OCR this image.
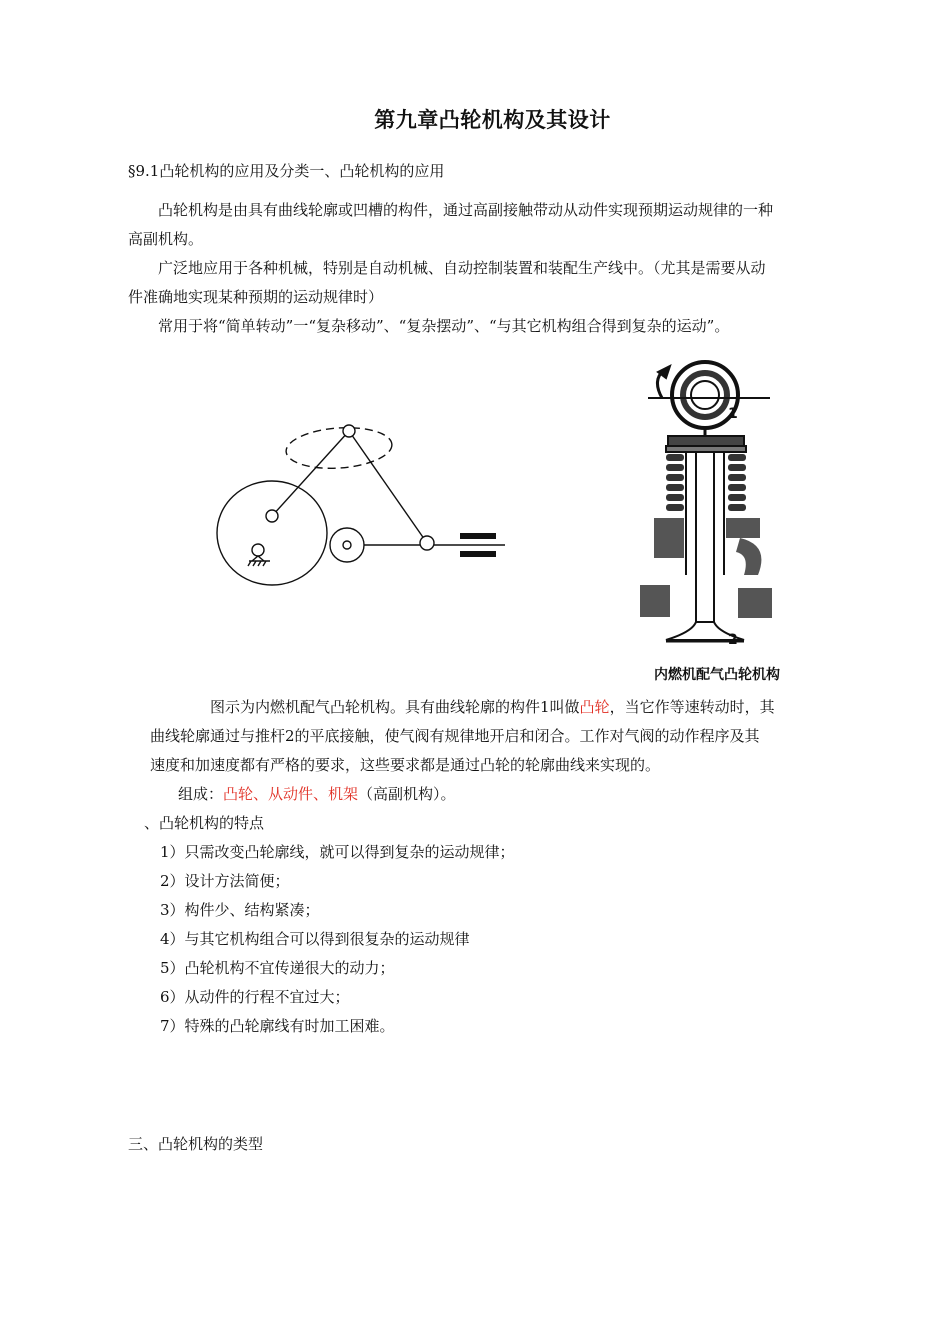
第九章凸轮机构及其设计
§9.1凸轮机构的应用及分类一、凸轮机构的应用
凸轮机构是由具有曲线轮廓或凹槽的构件，通过高副接触带动从动件实现预期运动规律的一种
高副机构。
广泛地应用于各种机械，特别是自动机械、自动控制装置和装配生产线中。（尤其是需要从动
件准确地实现某种预期的运动规律时）
常用于将“简单转动”一“复杂移动”、“复杂摆动”、“与其它机构组合得到复杂的运动”。
1
2
内燃机配气凸轮机构
图示为内燃机配气凸轮机构。具有曲线轮廓的构件1叫做凸轮，当它作等速转动时，其
曲线轮廓通过与推杆2的平底接触，使气阀有规律地开启和闭合。工作对气阀的动作程序及其
速度和加速度都有严格的要求，这些要求都是通过凸轮的轮廓曲线来实现的。
组成：凸轮、从动件、机架（高副机构）。
、凸轮机构的特点
1）只需改变凸轮廓线，就可以得到复杂的运动规律；
2）设计方法简便；
3）构件少、结构紧凑；
4）与其它机构组合可以得到很复杂的运动规律
5）凸轮机构不宜传递很大的动力；
6）从动件的行程不宜过大；
7）特殊的凸轮廓线有时加工困难。
三、凸轮机构的类型
